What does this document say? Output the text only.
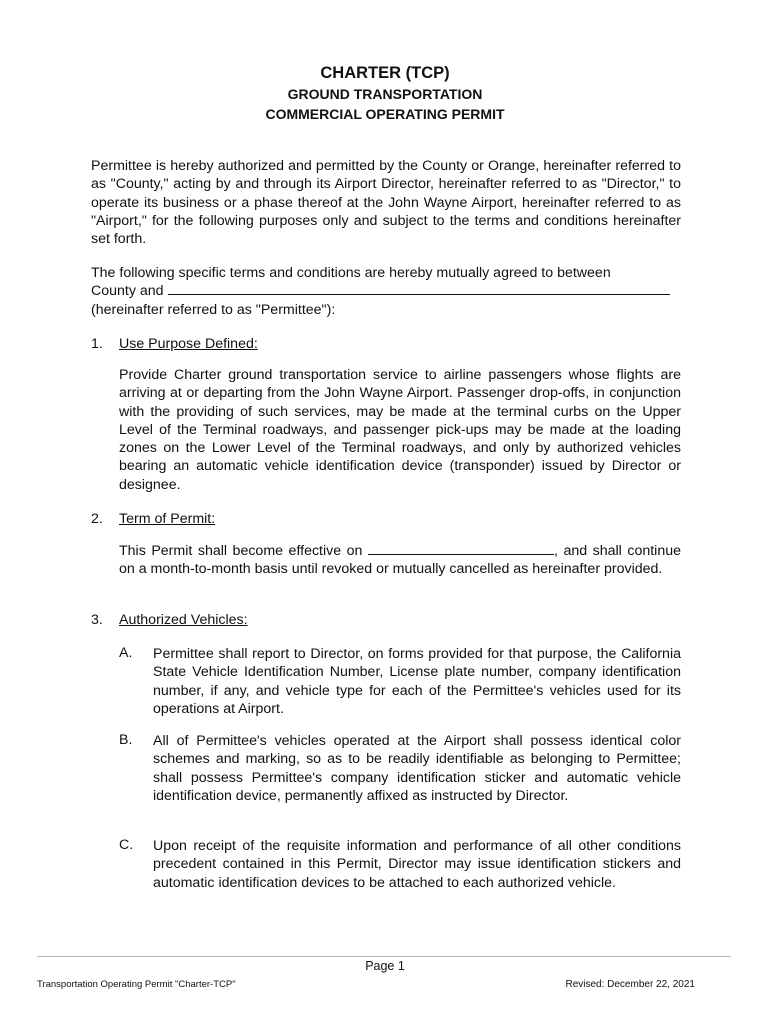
CHARTER (TCP)
GROUND TRANSPORTATION
COMMERCIAL OPERATING PERMIT

Permittee is hereby authorized and permitted by the County or Orange, hereinafter referred to as "County," acting by and through its Airport Director, hereinafter referred to as "Director," to operate its business or a phase thereof at the John Wayne Airport, hereinafter referred to as "Airport," for the following purposes only and subject to the terms and conditions hereinafter set forth.

The following specific terms and conditions are hereby mutually agreed to between
County and
(hereinafter referred to as "Permittee"):
1. Use Purpose Defined:

Provide Charter ground transportation service to airline passengers whose flights are arriving at or departing from the John Wayne Airport. Passenger drop-offs, in conjunction with the providing of such services, may be made at the terminal curbs on the Upper Level of the Terminal roadways, and passenger pick-ups may be made at the loading zones on the Lower Level of the Terminal roadways, and only by authorized vehicles bearing an automatic vehicle identification device (transponder) issued by Director or designee.

2. Term of Permit:

This Permit shall become effective on	, and shall continue on a month-to-month basis until revoked or mutually cancelled as hereinafter provided.

3. Authorized Vehicles:
A. Permittee shall report to Director, on forms provided for that purpose, the California State Vehicle Identification Number, License plate number, company identification number, if any, and vehicle type for each of the Permittee's vehicles used for its operations at Airport.

B. All of Permittee's vehicles operated at the Airport shall possess identical color schemes and marking, so as to be readily identifiable as belonging to Permittee; shall possess Permittee's company identification sticker and automatic vehicle identification device, permanently affixed as instructed by Director.

C. Upon receipt of the requisite information and performance of all other conditions precedent contained in this Permit, Director may issue identification stickers and automatic identification devices to be attached to each authorized vehicle.

Page 1
Transportation Operating Permit "Charter-TCP"	Revised: December 22, 2021
